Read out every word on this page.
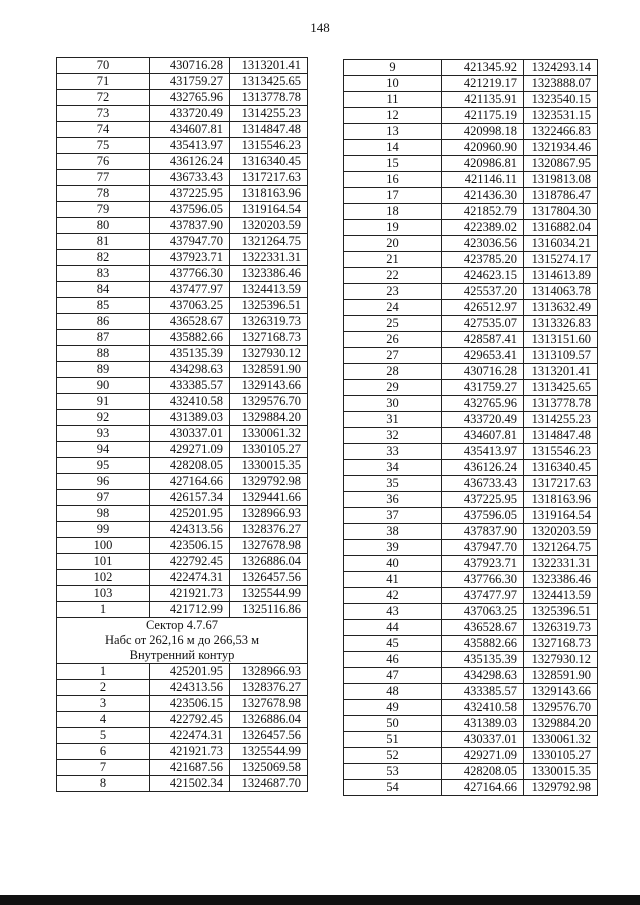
148
70	430716.28	1313201.41
71	431759.27	1313425.65
72	432765.96	1313778.78
73	433720.49	1314255.23
74	434607.81	1314847.48
75	435413.97	1315546.23
76	436126.24	1316340.45
77	436733.43	1317217.63
78	437225.95	1318163.96
79	437596.05	1319164.54
80	437837.90	1320203.59
81	437947.70	1321264.75
82	437923.71	1322331.31
83	437766.30	1323386.46
84	437477.97	1324413.59
85	437063.25	1325396.51
86	436528.67	1326319.73
87	435882.66	1327168.73
88	435135.39	1327930.12
89	434298.63	1328591.90
90	433385.57	1329143.66
91	432410.58	1329576.70
92	431389.03	1329884.20
93	430337.01	1330061.32
94	429271.09	1330105.27
95	428208.05	1330015.35
96	427164.66	1329792.98
97	426157.34	1329441.66
98	425201.95	1328966.93
99	424313.56	1328376.27
100	423506.15	1327678.98
101	422792.45	1326886.04
102	422474.31	1326457.56
103	421921.73	1325544.99
1	421712.99	1325116.86
Сектор 4.7.67		
Набс от 262,16 м до 266,53 м		
Внутренний контур		
1	425201.95	1328966.93
2	424313.56	1328376.27
3	423506.15	1327678.98
4	422792.45	1326886.04
5	422474.31	1326457.56
6	421921.73	1325544.99
7	421687.56	1325069.58
8	421502.34	1324687.70
9	421345.92	1324293.14
10	421219.17	1323888.07
11	421135.91	1323540.15
12	421175.19	1323531.15
13	420998.18	1322466.83
14	420960.90	1321934.46
15	420986.81	1320867.95
16	421146.11	1319813.08
17	421436.30	1318786.47
18	421852.79	1317804.30
19	422389.02	1316882.04
20	423036.56	1316034.21
21	423785.20	1315274.17
22	424623.15	1314613.89
23	425537.20	1314063.78
24	426512.97	1313632.49
25	427535.07	1313326.83
26	428587.41	1313151.60
27	429653.41	1313109.57
28	430716.28	1313201.41
29	431759.27	1313425.65
30	432765.96	1313778.78
31	433720.49	1314255.23
32	434607.81	1314847.48
33	435413.97	1315546.23
34	436126.24	1316340.45
35	436733.43	1317217.63
36	437225.95	1318163.96
37	437596.05	1319164.54
38	437837.90	1320203.59
39	437947.70	1321264.75
40	437923.71	1322331.31
41	437766.30	1323386.46
42	437477.97	1324413.59
43	437063.25	1325396.51
44	436528.67	1326319.73
45	435882.66	1327168.73
46	435135.39	1327930.12
47	434298.63	1328591.90
48	433385.57	1329143.66
49	432410.58	1329576.70
50	431389.03	1329884.20
51	430337.01	1330061.32
52	429271.09	1330105.27
53	428208.05	1330015.35
54	427164.66	1329792.98
